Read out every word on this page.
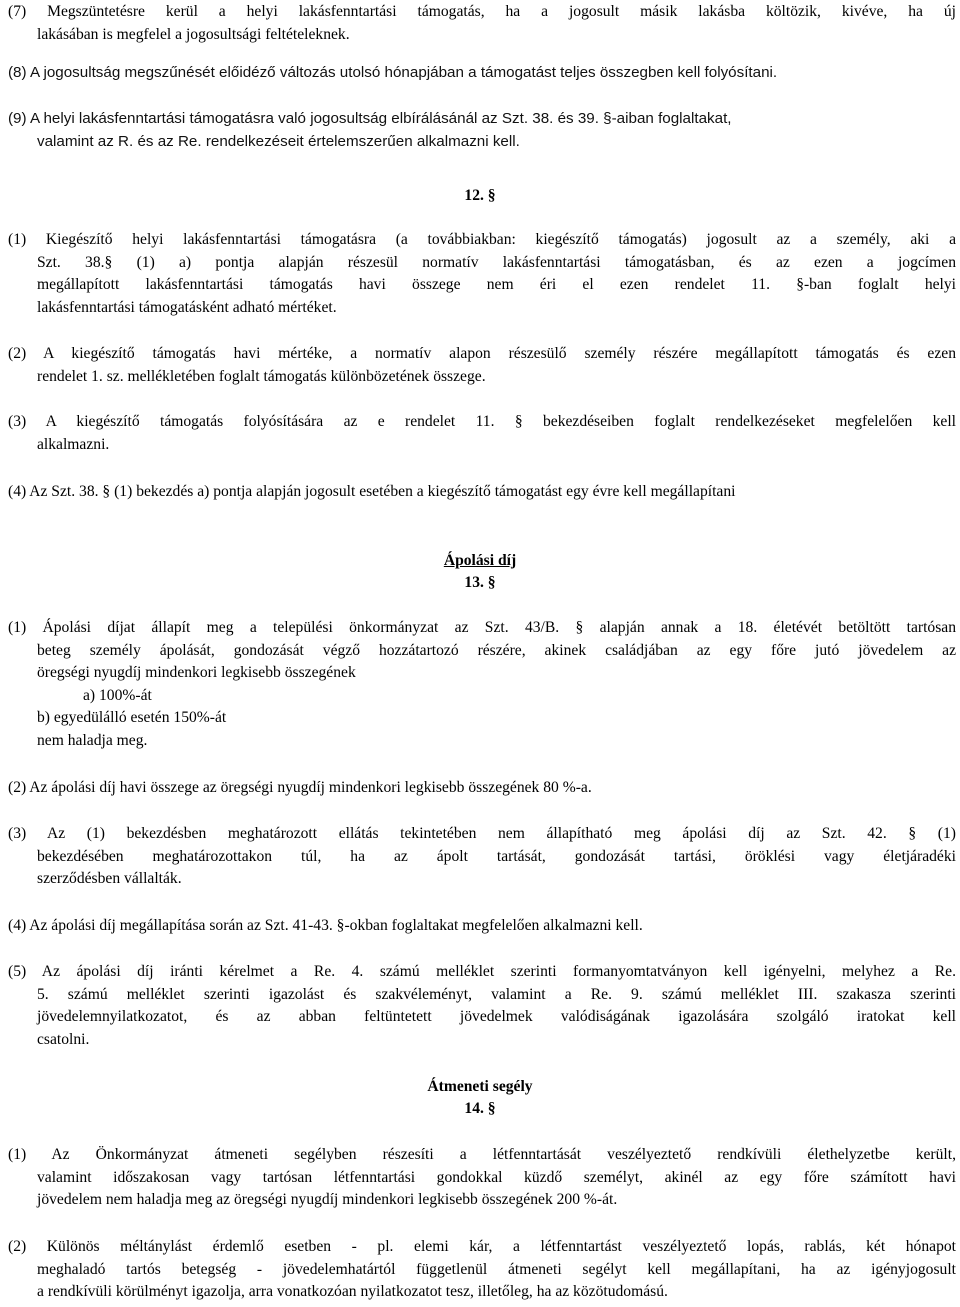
(7) Megszüntetésre kerül a helyi lakásfenntartási támogatás, ha a jogosult másik lakásba költözik, kivéve, ha új
lakásában is megfelel a jogosultsági feltételeknek.
(8) A jogosultság megszűnését előidéző változás utolsó hónapjában a támogatást teljes összegben kell folyósítani.
(9) A helyi lakásfenntartási támogatásra való jogosultság elbírálásánál az Szt. 38. és 39. §-aiban foglaltakat,
valamint az R. és az Re. rendelkezéseit értelemszerűen alkalmazni kell.
12. §
(1) Kiegészítő helyi lakásfenntartási támogatásra (a továbbiakban: kiegészítő támogatás) jogosult az a személy, aki a
Szt. 38.§ (1) a) pontja alapján részesül normatív lakásfenntartási támogatásban, és az ezen a jogcímen
megállapított lakásfenntartási támogatás havi összege nem éri el ezen rendelet 11. §-ban foglalt helyi
lakásfenntartási támogatásként adható mértéket.
(2) A kiegészítő támogatás havi mértéke, a normatív alapon részesülő személy részére megállapított támogatás és ezen
rendelet 1. sz. mellékletében foglalt támogatás különbözetének összege.
(3) A kiegészítő támogatás folyósítására az e rendelet 11. § bekezdéseiben foglalt rendelkezéseket megfelelően kell
alkalmazni.
(4) Az Szt. 38. § (1) bekezdés a) pontja alapján jogosult esetében a kiegészítő támogatást egy évre kell megállapítani
Ápolási díj
13. §
(1) Ápolási díjat állapít meg a települési önkormányzat az Szt. 43/B. § alapján annak a 18. életévét betöltött tartósan
beteg személy ápolását, gondozását végző hozzátartozó részére, akinek családjában az egy főre jutó jövedelem az
öregségi nyugdíj mindenkori legkisebb összegének
a) 100%-át
b) egyedülálló esetén 150%-át
nem haladja meg.
(2) Az ápolási díj havi összege az öregségi nyugdíj mindenkori legkisebb összegének 80 %-a.
(3) Az (1) bekezdésben meghatározott ellátás tekintetében nem állapítható meg ápolási díj az Szt. 42. § (1)
bekezdésében meghatározottakon túl, ha az ápolt tartását, gondozását tartási, öröklési vagy életjáradéki
szerződésben vállalták.
(4) Az ápolási díj megállapítása során az Szt. 41-43. §-okban foglaltakat megfelelően alkalmazni kell.
(5) Az ápolási díj iránti kérelmet a Re. 4. számú melléklet szerinti formanyomtatványon kell igényelni, melyhez a Re.
5. számú melléklet szerinti igazolást és szakvéleményt, valamint a Re. 9. számú melléklet III. szakasza szerinti
jövedelemnyilatkozatot, és az abban feltüntetett jövedelmek valódiságának igazolására szolgáló iratokat kell
csatolni.
Átmeneti segély
14. §
(1) Az Önkormányzat átmeneti segélyben részesíti a létfenntartását veszélyeztető rendkívüli élethelyzetbe került,
valamint időszakosan vagy tartósan létfenntartási gondokkal küzdő személyt, akinél az egy főre számított havi
jövedelem nem haladja meg az öregségi nyugdíj mindenkori legkisebb összegének 200 %-át.
(2) Különös méltánylást érdemlő esetben - pl. elemi kár, a létfenntartást veszélyeztető lopás, rablás, két hónapot
meghaladó tartós betegség - jövedelemhatártól függetlenül átmeneti segélyt kell megállapítani, ha az igényjogosult
a rendkívüli körülményt igazolja, arra vonatkozóan nyilatkozatot tesz, illetőleg, ha az közötudomású.
